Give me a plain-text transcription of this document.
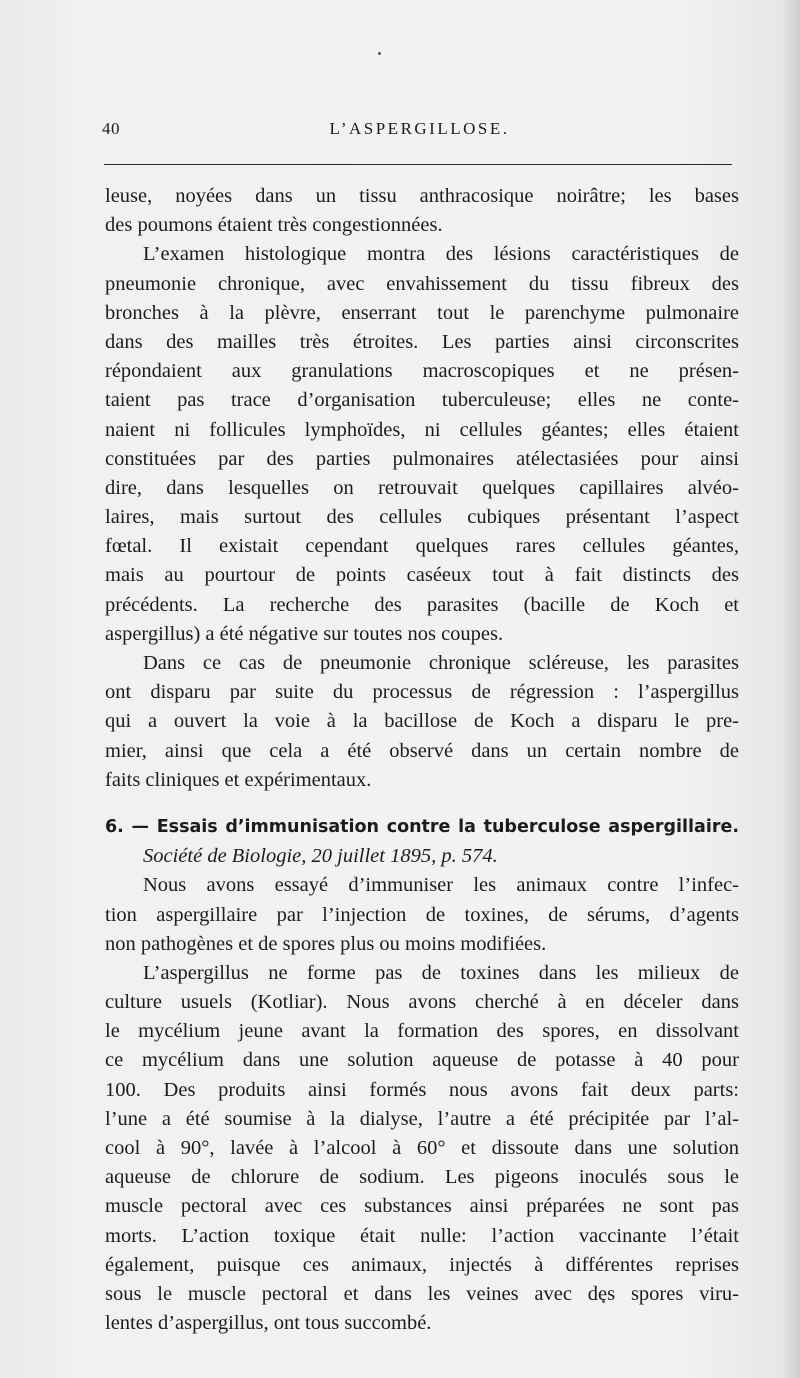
40	L’ASPERGILLOSE.
leuse, noyées dans un tissu anthracosique noirâtre; les bases
des poumons étaient très congestionnées.
L’examen histologique montra des lésions caractéristiques de
pneumonie chronique, avec envahissement du tissu fibreux des
bronches à la plèvre, enserrant tout le parenchyme pulmonaire
dans des mailles très étroites. Les parties ainsi circonscrites
répondaient aux granulations macroscopiques et ne présen-
taient pas trace d’organisation tuberculeuse; elles ne conte-
naient ni follicules lymphoïdes, ni cellules géantes; elles étaient
constituées par des parties pulmonaires atélectasiées pour ainsi
dire, dans lesquelles on retrouvait quelques capillaires alvéo-
laires, mais surtout des cellules cubiques présentant l’aspect
fœtal. Il existait cependant quelques rares cellules géantes,
mais au pourtour de points caséeux tout à fait distincts des
précédents. La recherche des parasites (bacille de Koch et
aspergillus) a été négative sur toutes nos coupes.
Dans ce cas de pneumonie chronique scléreuse, les parasites
ont disparu par suite du processus de régression : l’aspergillus
qui a ouvert la voie à la bacillose de Koch a disparu le pre-
mier, ainsi que cela a été observé dans un certain nombre de
faits cliniques et expérimentaux.
6. — Essais d’immunisation contre la tuberculose aspergillaire.
Société de Biologie, 20 juillet 1895, p. 574.
Nous avons essayé d’immuniser les animaux contre l’infec-
tion aspergillaire par l’injection de toxines, de sérums, d’agents
non pathogènes et de spores plus ou moins modifiées.
L’aspergillus ne forme pas de toxines dans les milieux de
culture usuels (Kotliar). Nous avons cherché à en déceler dans
le mycélium jeune avant la formation des spores, en dissolvant
ce mycélium dans une solution aqueuse de potasse à 40 pour
100. Des produits ainsi formés nous avons fait deux parts:
l’une a été soumise à la dialyse, l’autre a été précipitée par l’al-
cool à 90°, lavée à l’alcool à 60° et dissoute dans une solution
aqueuse de chlorure de sodium. Les pigeons inoculés sous le
muscle pectoral avec ces substances ainsi préparées ne sont pas
morts. L’action toxique était nulle: l’action vaccinante l’était
également, puisque ces animaux, injectés à différentes reprises
sous le muscle pectoral et dans les veines avec des spores viru-
lentes d’aspergillus, ont tous succombé.
